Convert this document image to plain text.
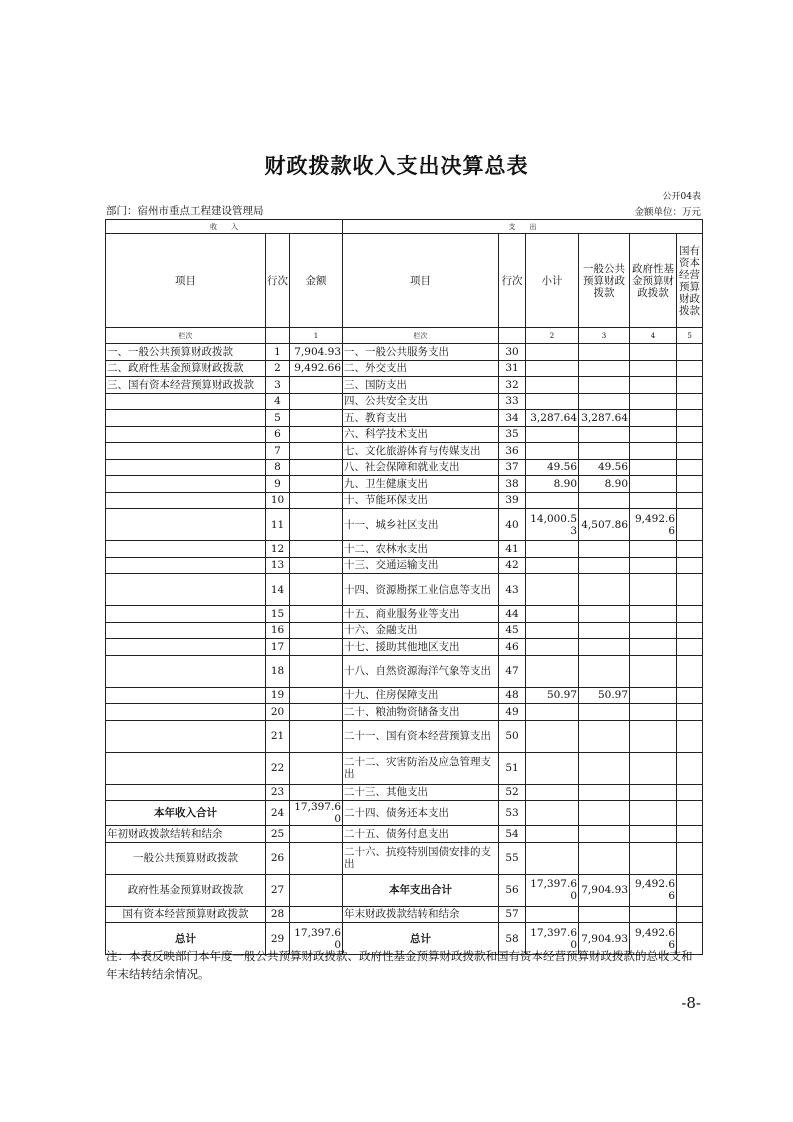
财政拨款收入支出决算总表
公开04表
部门：宿州市重点工程建设管理局	金额单位：万元
收　　入			支　　出					
项目	行次	金额	项目	行次	小计	一般公共预算财政拨款	政府性基金预算财政拨款	国有资本经营预算财政拨款
栏次		1	栏次		2	3	4	5
一、一般公共预算财政拨款	1	7,904.93	一、一般公共服务支出	30				
二、政府性基金预算财政拨款	2	9,492.66	二、外交支出	31				
三、国有资本经营预算财政拨款	3		三、国防支出	32				
	4		四、公共安全支出	33				
	5		五、教育支出	34	3,287.64	3,287.64		
	6		六、科学技术支出	35				
	7		七、文化旅游体育与传媒支出	36				
	8		八、社会保障和就业支出	37	49.56	49.56		
	9		九、卫生健康支出	38	8.90	8.90		
	10		十、节能环保支出	39				
	11		十一、城乡社区支出	40	14,000.53	4,507.86	9,492.66	
	12		十二、农林水支出	41				
	13		十三、交通运输支出	42				
	14		十四、资源勘探工业信息等支出	43				
	15		十五、商业服务业等支出	44				
	16		十六、金融支出	45				
	17		十七、援助其他地区支出	46				
	18		十八、自然资源海洋气象等支出	47				
	19		十九、住房保障支出	48	50.97	50.97		
	20		二十、粮油物资储备支出	49				
	21		二十一、国有资本经营预算支出	50				
	22		二十二、灾害防治及应急管理支出	51				
	23		二十三、其他支出	52				
本年收入合计	24	17,397.60	二十四、债务还本支出	53				
年初财政拨款结转和结余	25		二十五、债务付息支出	54				
一般公共预算财政拨款	26		二十六、抗疫特别国债安排的支出	55				
政府性基金预算财政拨款	27		本年支出合计	56	17,397.60	7,904.93	9,492.66	
国有资本经营预算财政拨款	28		年末财政拨款结转和结余	57				
总计	29	17,397.60	总计	58	17,397.60	7,904.93	9,492.66	
注：本表反映部门本年度一般公共预算财政拨款、政府性基金预算财政拨款和国有资本经营预算财政拨款的总收支和年末结转结余情况。
-8-
